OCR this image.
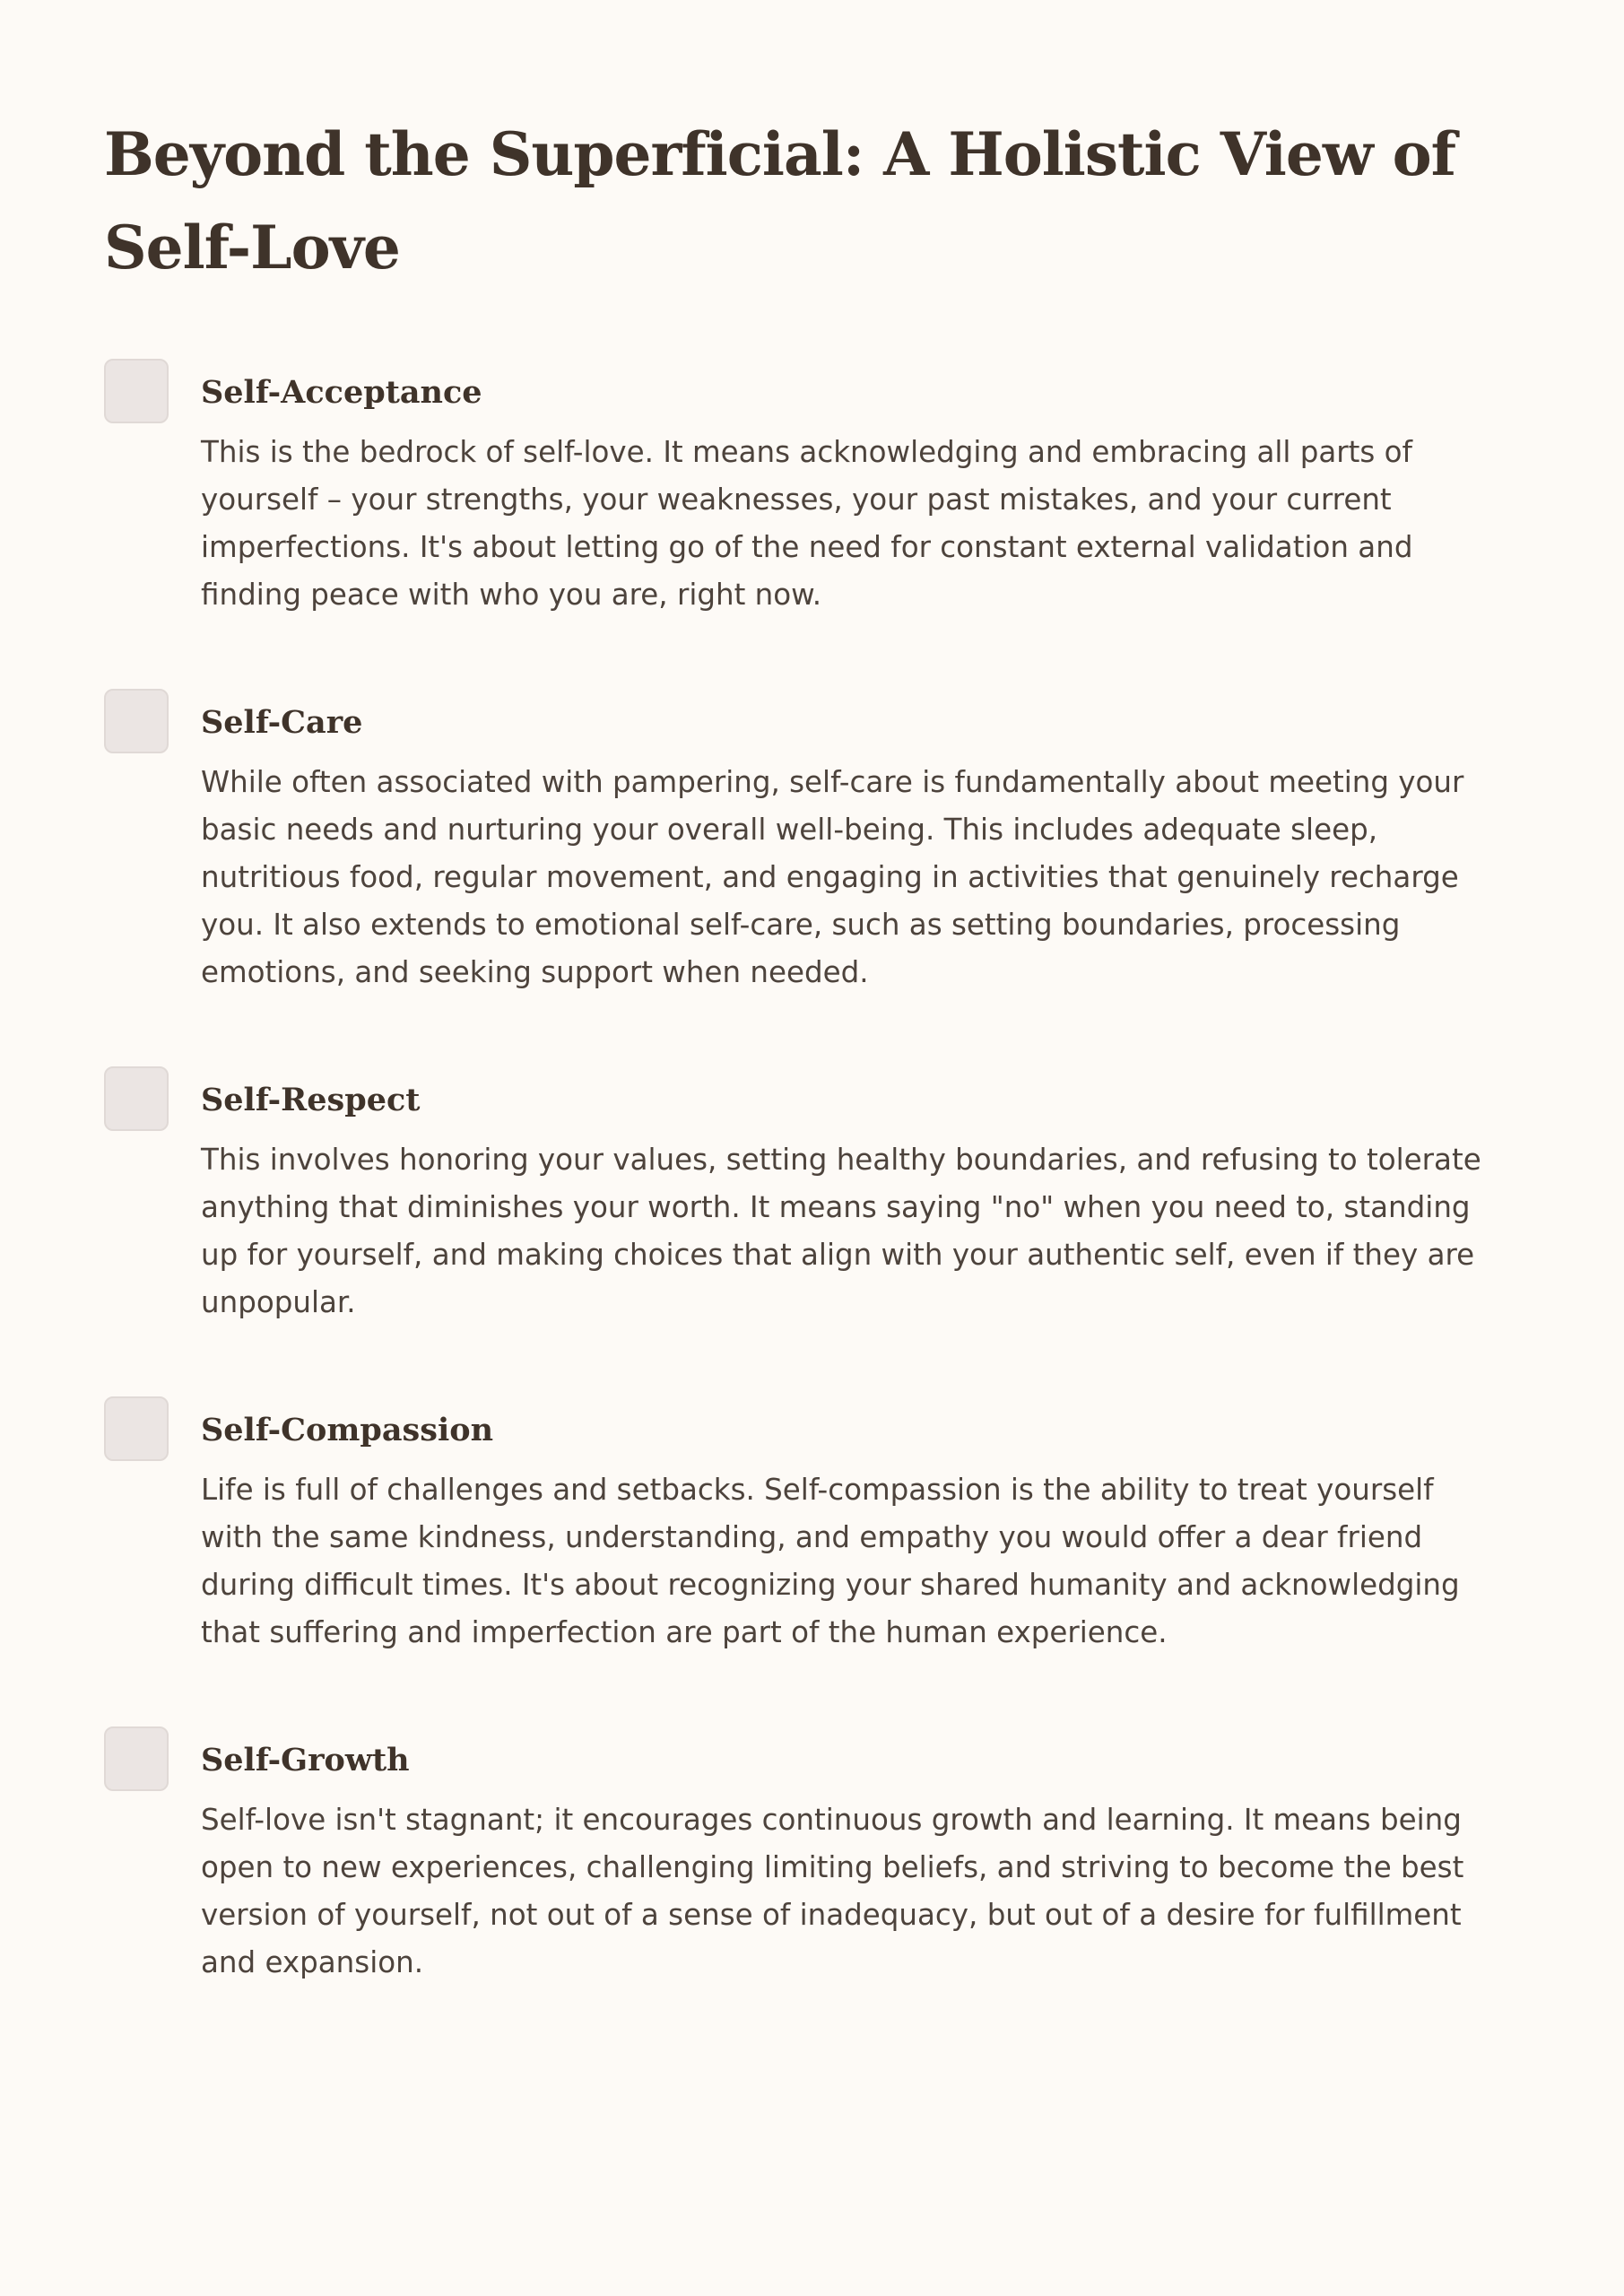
Beyond the Superficial: A Holistic View of Self-Love
Self-Acceptance

This is the bedrock of self-love. It means acknowledging and embracing all parts of yourself – your strengths, your weaknesses, your past mistakes, and your current imperfections. It's about letting go of the need for constant external validation and finding peace with who you are, right now.

Self-Care

While often associated with pampering, self-care is fundamentally about meeting your basic needs and nurturing your overall well-being. This includes adequate sleep, nutritious food, regular movement, and engaging in activities that genuinely recharge you. It also extends to emotional self-care, such as setting boundaries, processing emotions, and seeking support when needed.

Self-Respect

This involves honoring your values, setting healthy boundaries, and refusing to tolerate anything that diminishes your worth. It means saying "no" when you need to, standing up for yourself, and making choices that align with your authentic self, even if they are unpopular.

Self-Compassion

Life is full of challenges and setbacks. Self-compassion is the ability to treat yourself with the same kindness, understanding, and empathy you would offer a dear friend during difficult times. It's about recognizing your shared humanity and acknowledging that suffering and imperfection are part of the human experience.

Self-Growth

Self-love isn't stagnant; it encourages continuous growth and learning. It means being open to new experiences, challenging limiting beliefs, and striving to become the best version of yourself, not out of a sense of inadequacy, but out of a desire for fulfillment and expansion.
